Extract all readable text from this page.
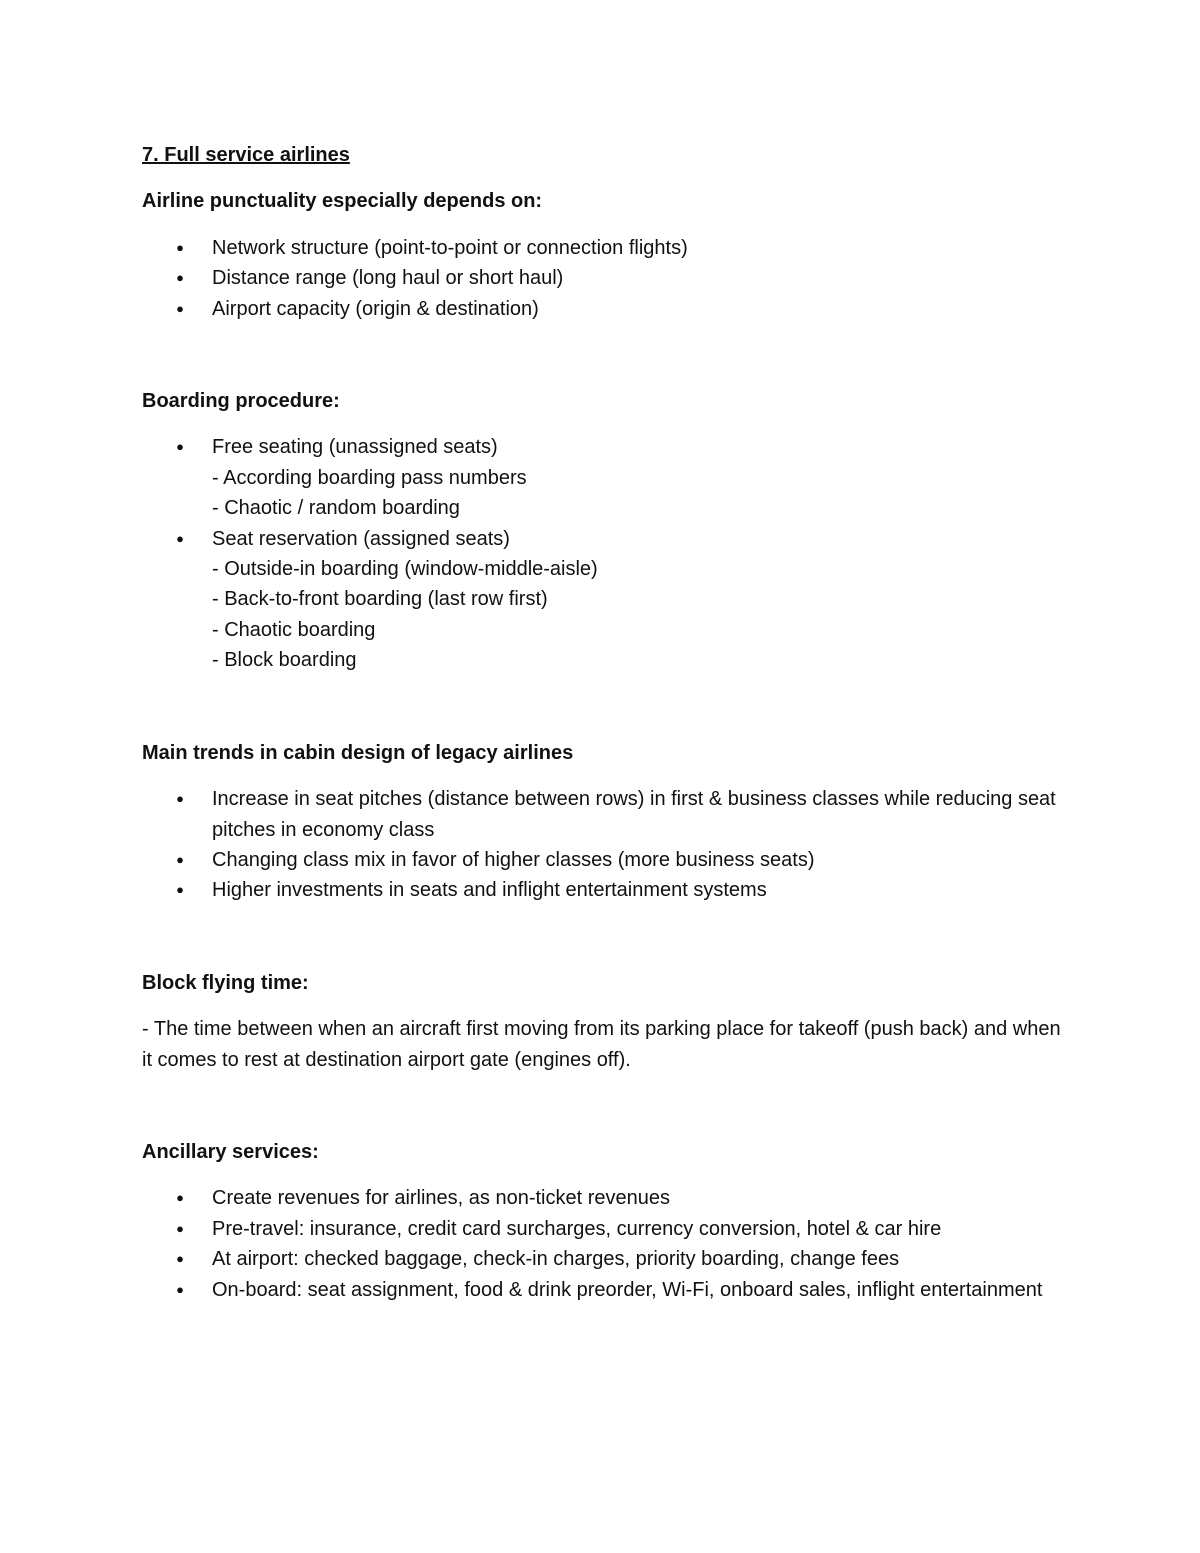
7. Full service airlines

Airline punctuality especially depends on:

● Network structure (point-to-point or connection flights)
● Distance range (long haul or short haul)
● Airport capacity (origin & destination)

Boarding procedure:

● Free seating (unassigned seats)
- According boarding pass numbers
- Chaotic / random boarding
● Seat reservation (assigned seats)
- Outside-in boarding (window-middle-aisle)
- Back-to-front boarding (last row first)
- Chaotic boarding
- Block boarding

Main trends in cabin design of legacy airlines

● Increase in seat pitches (distance between rows) in first & business classes while reducing seat pitches in economy class
● Changing class mix in favor of higher classes (more business seats)
● Higher investments in seats and inflight entertainment systems

Block flying time:

- The time between when an aircraft first moving from its parking place for takeoff (push back) and when it comes to rest at destination airport gate (engines off).

Ancillary services:

● Create revenues for airlines, as non-ticket revenues
● Pre-travel: insurance, credit card surcharges, currency conversion, hotel & car hire
● At airport: checked baggage, check-in charges, priority boarding, change fees
● On-board: seat assignment, food & drink preorder, Wi-Fi, onboard sales, inflight entertainment
